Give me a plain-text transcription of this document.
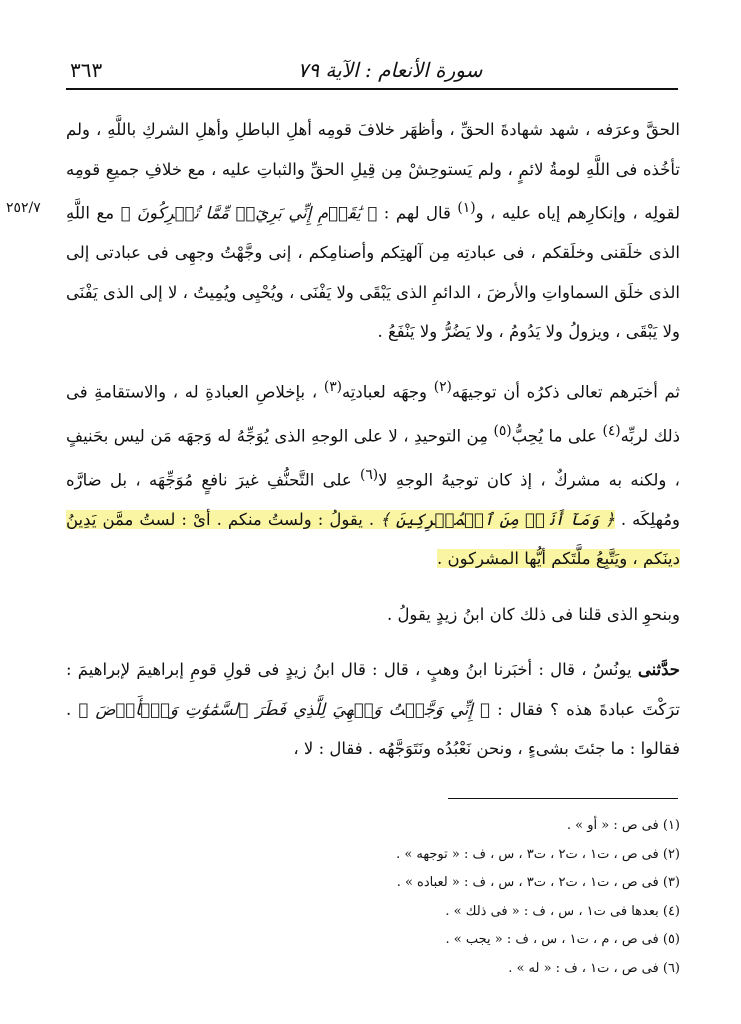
سورة الأنعام : الآية ٧٩
٣٦٣
٢٥٢/٧

الحقَّ وعرَفه ، شهد شهادةَ الحقِّ ، وأظهَر خلافَ قومِه أهلِ الباطلِ وأهلِ الشركِ باللَّهِ ، ولم تأخُذه فى اللَّهِ لومةُ لائمٍ ، ولم يَستوحِشْ مِن قِيلِ الحقِّ والثباتِ عليه ، مع خلافِ جميعِ قومِه لقولِه ، وإنكارِهم إياه عليه ، و$^{(١)}$ قال لهم : ﴿ يَٰقَوۡمِ إِنِّي بَرِيٓءٞ مِّمَّا تُشۡرِكُونَ ﴾ مع اللَّهِ الذى خلَقنى وخلَقكم ، فى عبادتِه مِن آلهتِكم وأصنامِكم ، إنى وجَّهْتُ وجهِى فى عبادتى إلى الذى خلَق السماواتِ والأرضَ ، الدائمِ الذى يَبْقَى ولا يَفْنَى ، ويُحْيِى ويُمِيتُ ، لا إلى الذى يَفْنَى ولا يَبْقَى ، ويزولُ ولا يَدُومُ ، ولا يَضُرُّ ولا يَنْفَعُ .

ثم أخبَرهم تعالى ذكرُه أن توجيهَه$^{(٢)}$ وجهَه لعبادتِه$^{(٣)}$ ، بإخلاصِ العبادةِ له ، والاستقامةِ فى ذلك لربِّه$^{(٤)}$ على ما يُحِبُّ$^{(٥)}$ مِن التوحيدِ ، لا على الوجهِ الذى يُوَجِّهُ له وَجهَه مَن ليس بحَنيفٍ ، ولكنه به مشركٌ ، إذ كان توجيهُ الوجهِ لا$^{(٦)}$ على التَّحنُّفِ غيرَ نافعٍ مُوَجِّهَه ، بل ضارَّه ومُهلِكَه . ﴿ وَمَآ أَنَا۠ مِنَ ٱلۡمُشۡرِكِينَ ﴾ . يقولُ : ولستُ منكم . أىْ : لستُ ممَّن يَدِينُ دينَكم ، ويَتَّبِعُ ملَّتَكم أيُّها المشركون .

وبنحوِ الذى قلنا فى ذلك كان ابنُ زيدٍ يقولُ .

حدَّثنى يونُسُ ، قال : أخبَرنا ابنُ وهبٍ ، قال : قال ابنُ زيدٍ فى قولِ قومِ إبراهيمَ لإبراهيمَ : ترَكْتَ عبادةَ هذه ؟ فقال : ﴿ إِنِّي وَجَّهۡتُ وَجۡهِيَ لِلَّذِي فَطَرَ ٱلسَّمَٰوَٰتِ وَٱلۡأَرۡضَ ﴾ . فقالوا : ما جئتَ بشىءٍ ، ونحن نَعْبُدُه ونَتَوَجَّهُه . فقال : لا ،

(١) فى ص : « أو » .
(٢) فى ص ، ت١ ، ت٢ ، ت٣ ، س ، ف : « توجهه » .
(٣) فى ص ، ت١ ، ت٢ ، ت٣ ، س ، ف : « لعباده » .
(٤) بعدها فى ت١ ، س ، ف : « فى ذلك » .
(٥) فى ص ، م ، ت١ ، س ، ف : « يجب » .
(٦) فى ص ، ت١ ، ف : « له » .
